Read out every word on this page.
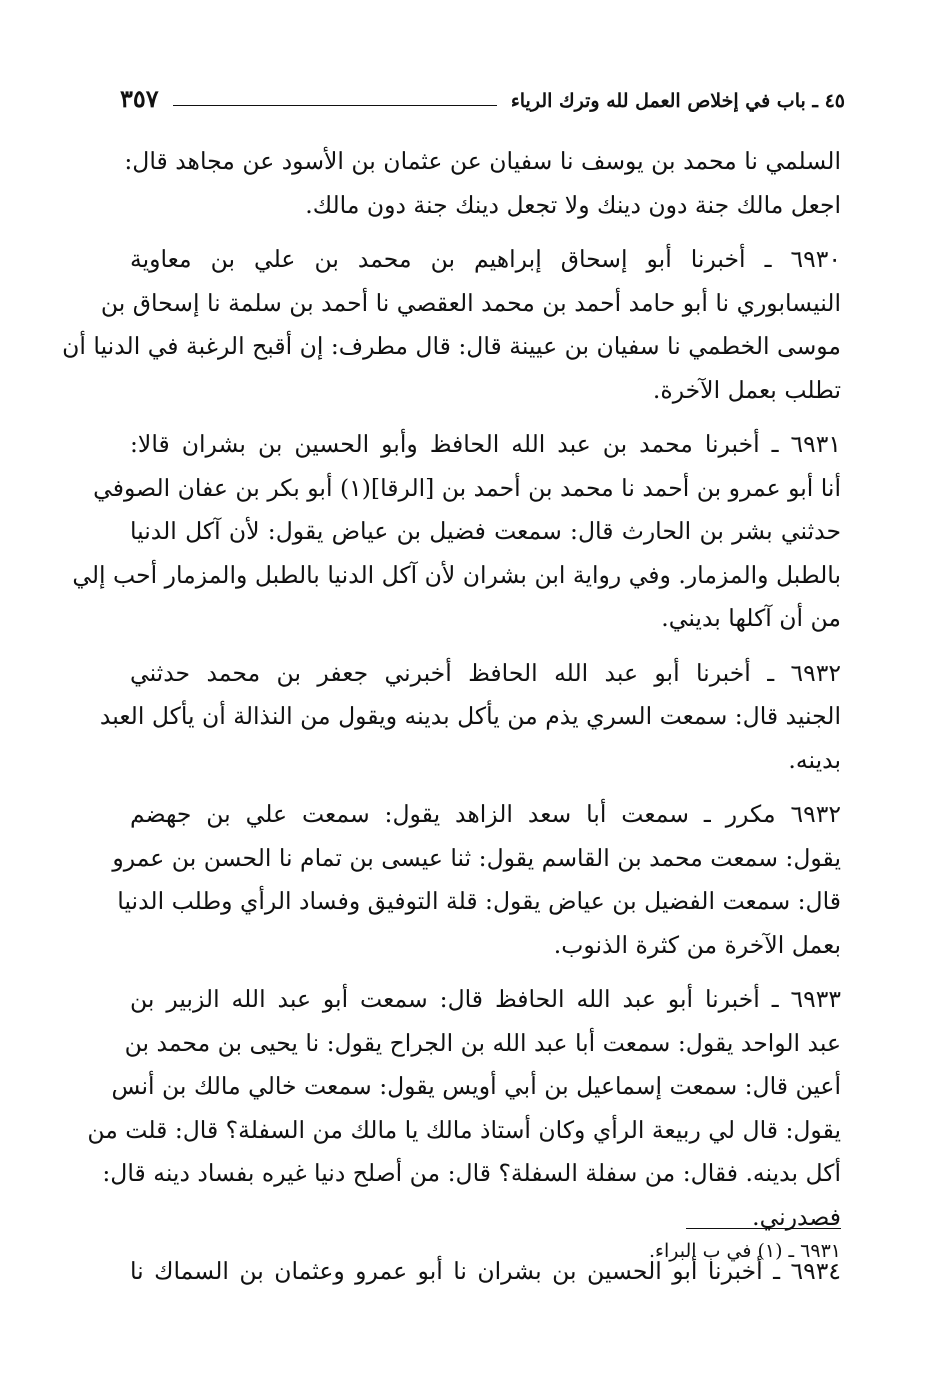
٤٥ ـ باب في إخلاص العمل لله وترك الرياء
٣٥٧
السلمي نا محمد بن يوسف نا سفيان عن عثمان بن الأسود عن مجاهد قال:
اجعل مالك جنة دون دينك ولا تجعل دينك جنة دون مالك.
٦٩٣٠ ـ أخبرنا أبو إسحاق إبراهيم بن محمد بن علي بن معاوية
النيسابوري نا أبو حامد أحمد بن محمد العقصي نا أحمد بن سلمة نا إسحاق بن
موسى الخطمي نا سفيان بن عيينة قال: قال مطرف: إن أقبح الرغبة في الدنيا أن
تطلب بعمل الآخرة.
٦٩٣١ ـ أخبرنا محمد بن عبد الله الحافظ وأبو الحسين بن بشران قالا:
أنا أبو عمرو بن أحمد نا محمد بن أحمد بن [الرقا](١) أبو بكر بن عفان الصوفي
حدثني بشر بن الحارث قال: سمعت فضيل بن عياض يقول: لأن آكل الدنيا
بالطبل والمزمار. وفي رواية ابن بشران لأن آكل الدنيا بالطبل والمزمار أحب إلي
من أن آكلها بديني.
٦٩٣٢ ـ أخبرنا أبو عبد الله الحافظ أخبرني جعفر بن محمد حدثني
الجنيد قال: سمعت السري يذم من يأكل بدينه ويقول من النذالة أن يأكل العبد
بدينه.
٦٩٣٢ مكرر ـ سمعت أبا سعد الزاهد يقول: سمعت علي بن جهضم
يقول: سمعت محمد بن القاسم يقول: ثنا عيسى بن تمام نا الحسن بن عمرو
قال: سمعت الفضيل بن عياض يقول: قلة التوفيق وفساد الرأي وطلب الدنيا
بعمل الآخرة من كثرة الذنوب.
٦٩٣٣ ـ أخبرنا أبو عبد الله الحافظ قال: سمعت أبو عبد الله الزبير بن
عبد الواحد يقول: سمعت أبا عبد الله بن الجراح يقول: نا يحيى بن محمد بن
أعين قال: سمعت إسماعيل بن أبي أويس يقول: سمعت خالي مالك بن أنس
يقول: قال لي ربيعة الرأي وكان أستاذ مالك يا مالك من السفلة؟ قال: قلت من
أكل بدينه. فقال: من سفلة السفلة؟ قال: من أصلح دنيا غيره بفساد دينه قال:
فصدرني.
٦٩٣٤ ـ أخبرنا أبو الحسين بن بشران نا أبو عمرو وعثمان بن السماك نا
٦٩٣١ ـ (١) في ب البراء.
